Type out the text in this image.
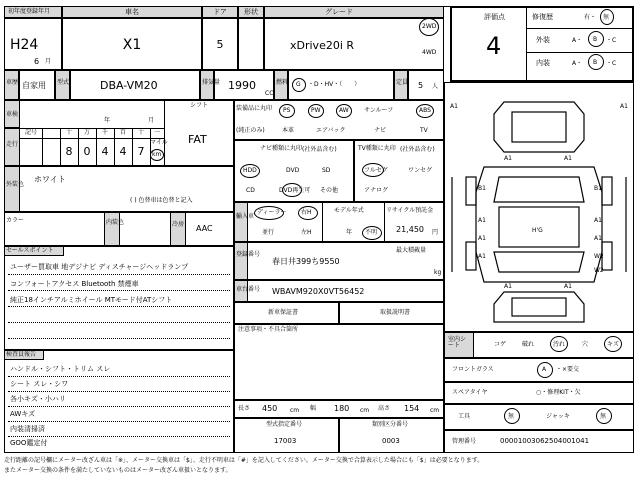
初年度登録年月
H24
6 月
車名
X1
ドア
5
形状	グレード
xDrive20i R
2WD
4WD
車歴 自家用 型式	DBA-VM20	排気量 1990
CC
燃料 G ・D・HV・（　　）	定員 5 人
評価点
4
修復歴	有・ 無
外装	A・ B ・C
内装	A・ B ・C
車検
年	月
走行
記号	十	万	千	百	十	一
8	0	4	4	7
マイル
km
シフト
FAT
装備品に丸印
(純正のみ)
PS	PW	AW	サンルーフ	ABS
本革	エアバック	ナビ	TV
ナビ種類に丸印 (社外品含む)
HDD	DVD	SD
CD	DVD再生可 その他
TV種類に丸印 (社外品含む)
フルセグ	ワンセグ
アナログ
外装色
ホワイト
( ) 色替車は色替と記入
カラー	内装色	冷房 AAC
輸入車
ディーラー
並行
右H
左H
モデル年式
年 不明
リサイクル預託金
21,450 円
登録番号
春日井399ち9550
最大積載量
kg
車台番号 WBAVM920X0VT56452
新車保証書	取扱説明書
注意事項・不具合箇所
セールスポイント
ユーザー買取車 地デジナビ ディスチャージヘッドランプ
コンフォートアクセス Bluetooth 禁煙車
純正18インチアルミホイール MTモード付ATシフト
検査員報告
ハンドル・シフト・トリム スレ
シート スレ・シワ
各小キズ・小ハリ
AWキズ
内装清掃済
GOO鑑定付
長さ 450 cm 幅 180 cm 高さ 154 cm
型式指定番号
17003
類別区分番号
0003
A1	A1
A1	A1
B1	B1
A1	A1
A1	A1
W2
A1
W2
A1	A1
H'G
室内シート	コゲ	破れ	汚れ	穴	キズ
フロントガラス	A ・×要交
スペアタイヤ	○・修理KIT・欠
工具	無	ジャッキ	無
管理番号	00001003062504001041
走行距離の記号欄にメーター改ざん車は「※」、メーター交換車は「$」、走行不明車は「#」を記入してください。メーター交換で合算表示した場合にも「$」は必要となります。
またメーター交換の条件を満たしていないものはメーター改ざん車扱いとなります。
